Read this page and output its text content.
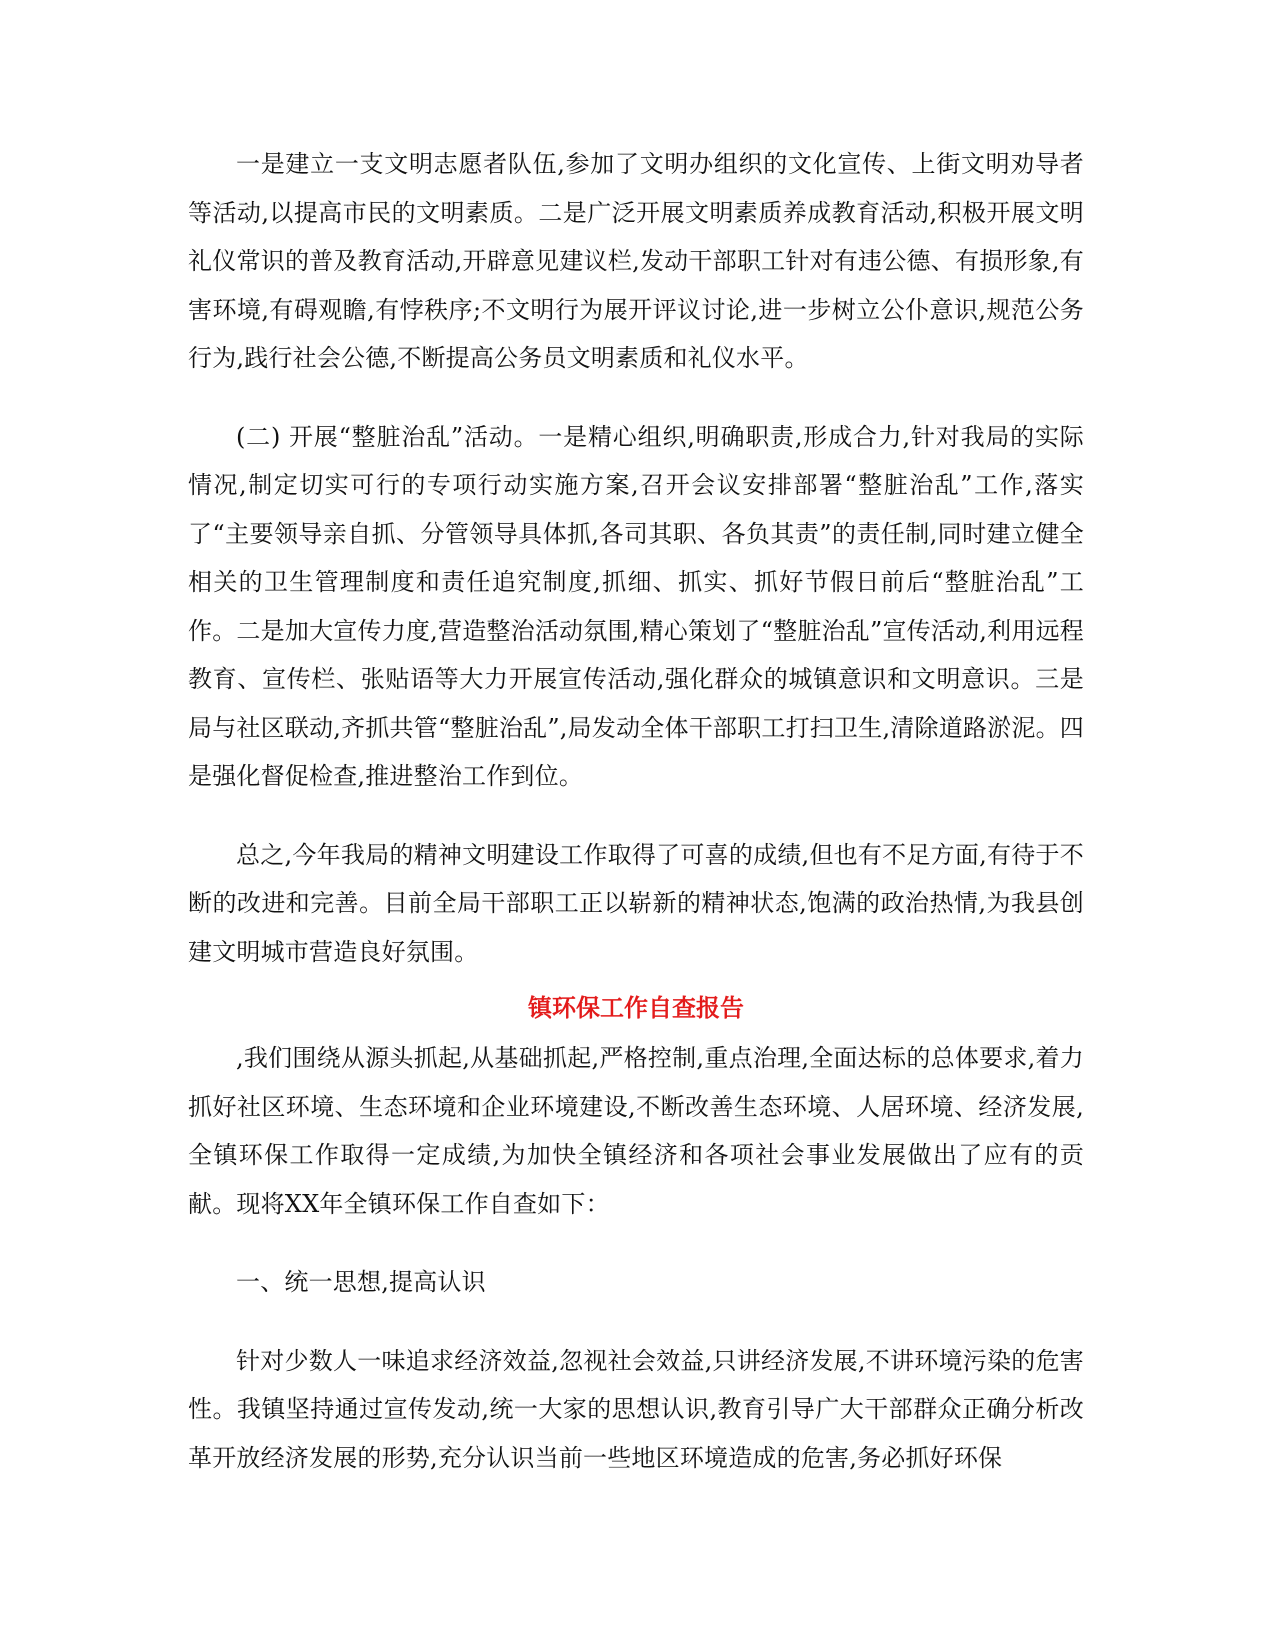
一是建立一支文明志愿者队伍,参加了文明办组织的文化宣传、上街文明劝导者等活动,以提高市民的文明素质。二是广泛开展文明素质养成教育活动,积极开展文明礼仪常识的普及教育活动,开辟意见建议栏,发动干部职工针对有违公德、有损形象,有害环境,有碍观瞻,有悖秩序;不文明行为展开评议讨论,进一步树立公仆意识,规范公务行为,践行社会公德,不断提高公务员文明素质和礼仪水平。

(二) 开展“整脏治乱”活动。一是精心组织,明确职责,形成合力,针对我局的实际情况,制定切实可行的专项行动实施方案,召开会议安排部署“整脏治乱”工作,落实了“主要领导亲自抓、分管领导具体抓,各司其职、各负其责”的责任制,同时建立健全相关的卫生管理制度和责任追究制度,抓细、抓实、抓好节假日前后“整脏治乱”工作。二是加大宣传力度,营造整治活动氛围,精心策划了“整脏治乱”宣传活动,利用远程教育、宣传栏、张贴语等大力开展宣传活动,强化群众的城镇意识和文明意识。三是局与社区联动,齐抓共管“整脏治乱”,局发动全体干部职工打扫卫生,清除道路淤泥。四是强化督促检查,推进整治工作到位。

总之,今年我局的精神文明建设工作取得了可喜的成绩,但也有不足方面,有待于不断的改进和完善。目前全局干部职工正以崭新的精神状态,饱满的政治热情,为我县创建文明城市营造良好氛围。

镇环保工作自查报告

,我们围绕从源头抓起,从基础抓起,严格控制,重点治理,全面达标的总体要求,着力抓好社区环境、生态环境和企业环境建设,不断改善生态环境、人居环境、经济发展,全镇环保工作取得一定成绩,为加快全镇经济和各项社会事业发展做出了应有的贡献。现将XX年全镇环保工作自查如下：

一、统一思想,提高认识

针对少数人一味追求经济效益,忽视社会效益,只讲经济发展,不讲环境污染的危害性。我镇坚持通过宣传发动,统一大家的思想认识,教育引导广大干部群众正确分析改革开放经济发展的形势,充分认识当前一些地区环境造成的危害,务必抓好环保
